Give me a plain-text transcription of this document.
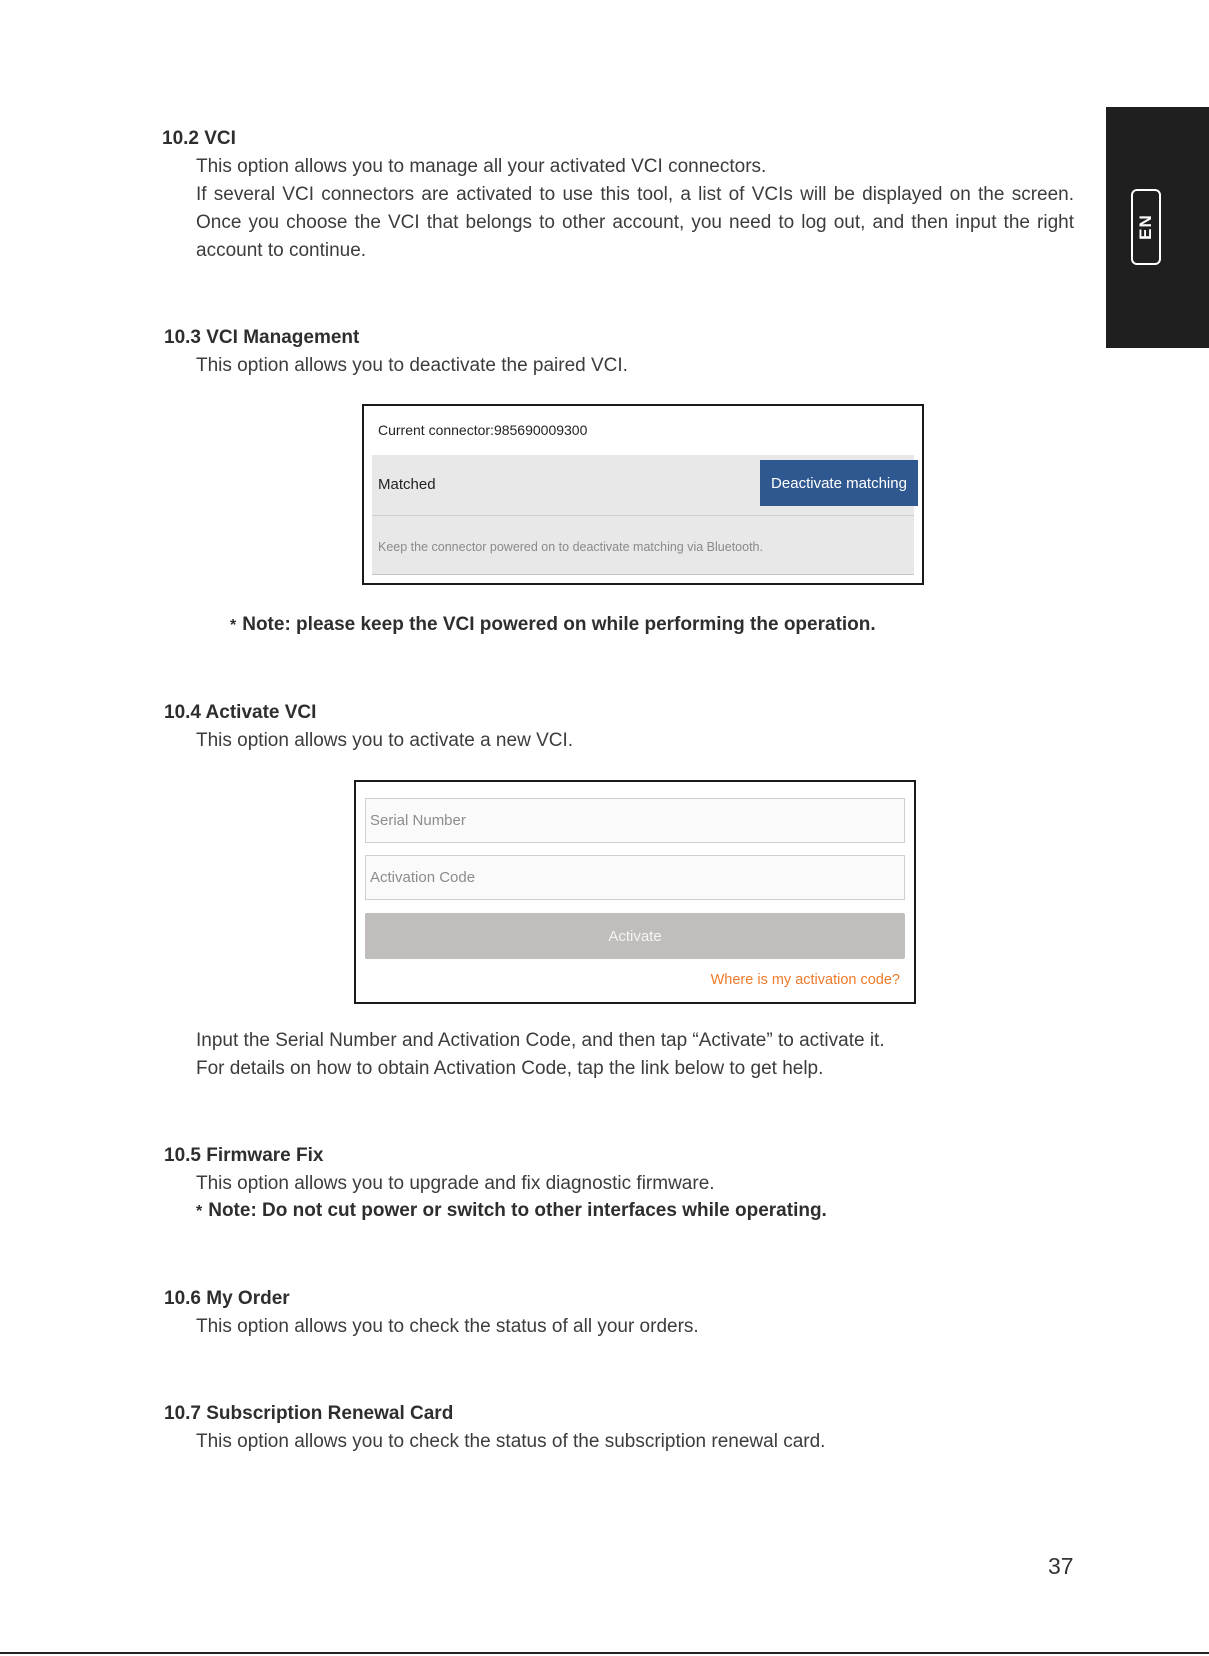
EN
10.2 VCI
This option allows you to manage all your activated VCI connectors.
If several VCI connectors are activated to use this tool, a list of VCIs will be displayed on the screen. Once you choose the VCI that belongs to other account, you need to log out, and then input the right account to continue.
10.3 VCI Management
This option allows you to deactivate the paired VCI.
Current connector:985690009300
Matched	Deactivate matching
Keep the connector powered on to deactivate matching via Bluetooth.
* Note: please keep the VCI powered on while performing the operation.
10.4 Activate VCI
This option allows you to activate a new VCI.
Serial Number
Activation Code
Activate
Where is my activation code?
Input the Serial Number and Activation Code, and then tap “Activate” to activate it.
For details on how to obtain Activation Code, tap the link below to get help.
10.5 Firmware Fix
This option allows you to upgrade and fix diagnostic firmware.
* Note: Do not cut power or switch to other interfaces while operating.
10.6 My Order
This option allows you to check the status of all your orders.
10.7 Subscription Renewal Card
This option allows you to check the status of the subscription renewal card.
37
